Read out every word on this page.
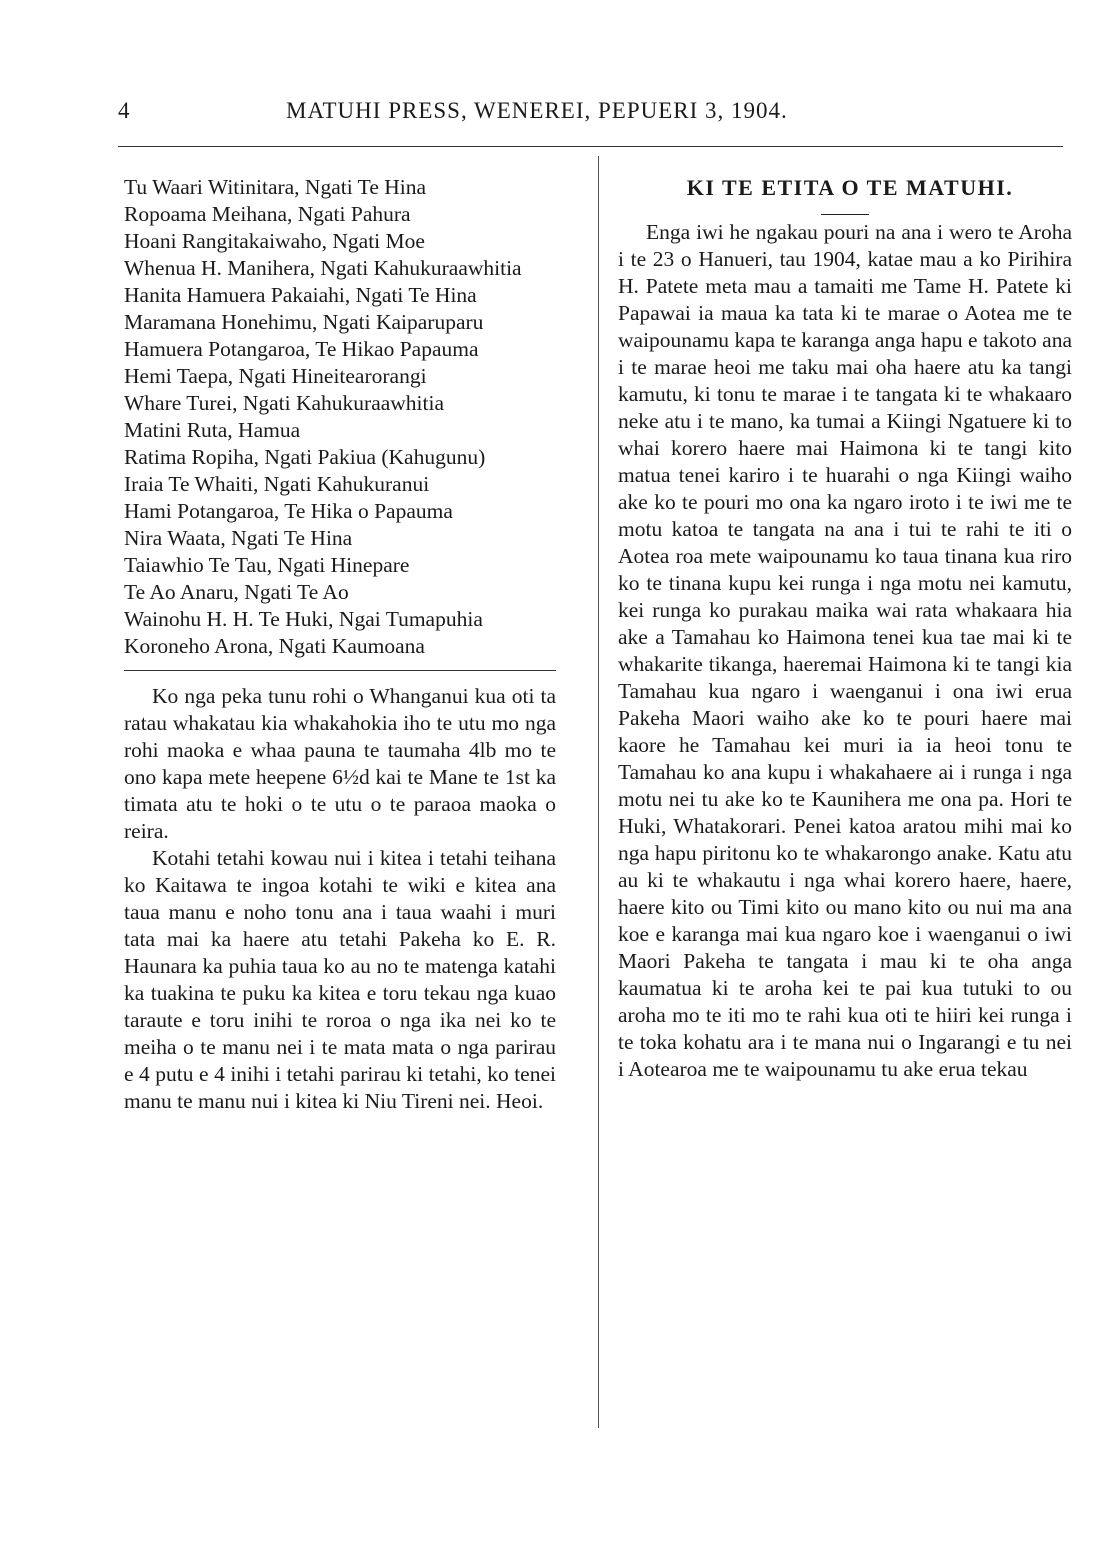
4	MATUHI PRESS, WENEREI, PEPUERI 3, 1904.
Tu Waari Witinitara, Ngati Te Hina
Ropoama Meihana, Ngati Pahura
Hoani Rangitakaiwaho, Ngati Moe
Whenua H. Manihera, Ngati Kahukuraawhitia
Hanita Hamuera Pakaiahi, Ngati Te Hina
Maramana Honehimu, Ngati Kaiparuparu
Hamuera Potangaroa, Te Hikao Papauma
Hemi Taepa, Ngati Hineitearorangi
Whare Turei, Ngati Kahukuraawhitia
Matini Ruta, Hamua
Ratima Ropiha, Ngati Pakiua (Kahugunu)
Iraia Te Whaiti, Ngati Kahukuranui
Hami Potangaroa, Te Hika o Papauma
Nira Waata, Ngati Te Hina
Taiawhio Te Tau, Ngati Hinepare
Te Ao Anaru, Ngati Te Ao
Wainohu H. H. Te Huki, Ngai Tumapuhia
Koroneho Arona, Ngati Kaumoana

Ko nga peka tunu rohi o Whanganui kua oti ta ratau whakatau kia whakahokia iho te utu mo nga rohi maoka e whaa pauna te taumaha 4lb mo te ono kapa mete heepene 6½d kai te Mane te 1st ka timata atu te hoki o te utu o te paraoa maoka o reira.

Kotahi tetahi kowau nui i kitea i tetahi teihana ko Kaitawa te ingoa kotahi te wiki e kitea ana taua manu e noho tonu ana i taua waahi i muri tata mai ka haere atu tetahi Pakeha ko E. R. Haunara ka puhia taua ko au no te matenga katahi ka tuakina te puku ka kitea e toru tekau nga kuao taraute e toru inihi te roroa o nga ika nei ko te meiha o te manu nei i te mata mata o nga parirau e 4 putu e 4 inihi i tetahi parirau ki tetahi, ko tenei manu te manu nui i kitea ki Niu Tireni nei. Heoi.

KI TE ETITA O TE MATUHI.

Enga iwi he ngakau pouri na ana i wero te Aroha i te 23 o Hanueri, tau 1904, katae mau a ko Pirihira H. Patete meta mau a tamaiti me Tame H. Patete ki Papawai ia maua ka tata ki te marae o Aotea me te waipounamu kapa te karanga anga hapu e takoto ana i te marae heoi me taku mai oha haere atu ka tangi kamutu, ki tonu te marae i te tangata ki te whakaaro neke atu i te mano, ka tumai a Kiingi Ngatuere ki to whai korero haere mai Haimona ki te tangi kito matua tenei kariro i te huarahi o nga Kiingi waiho ake ko te pouri mo ona ka ngaro iroto i te iwi me te motu katoa te tangata na ana i tui te rahi te iti o Aotea roa mete waipounamu ko taua tinana kua riro ko te tinana kupu kei runga i nga motu nei kamutu, kei runga ko purakau maika wai rata whakaara hia ake a Tamahau ko Haimona tenei kua tae mai ki te whakarite tikanga, haeremai Haimona ki te tangi kia Tamahau kua ngaro i waenganui i ona iwi erua Pakeha Maori waiho ake ko te pouri haere mai kaore he Tamahau kei muri ia ia heoi tonu te Tamahau ko ana kupu i whakahaere ai i runga i nga motu nei tu ake ko te Kaunihera me ona pa. Hori te Huki, Whatakorari. Penei katoa aratou mihi mai ko nga hapu piritonu ko te whakarongo anake. Katu atu au ki te whakautu i nga whai korero haere, haere, haere kito ou Timi kito ou mano kito ou nui ma ana koe e karanga mai kua ngaro koe i waenganui o iwi Maori Pakeha te tangata i mau ki te oha anga kaumatua ki te aroha kei te pai kua tutuki to ou aroha mo te iti mo te rahi kua oti te hiiri kei runga i te toka kohatu ara i te mana nui o Ingarangi e tu nei i Aotearoa me te waipounamu tu ake erua tekau
